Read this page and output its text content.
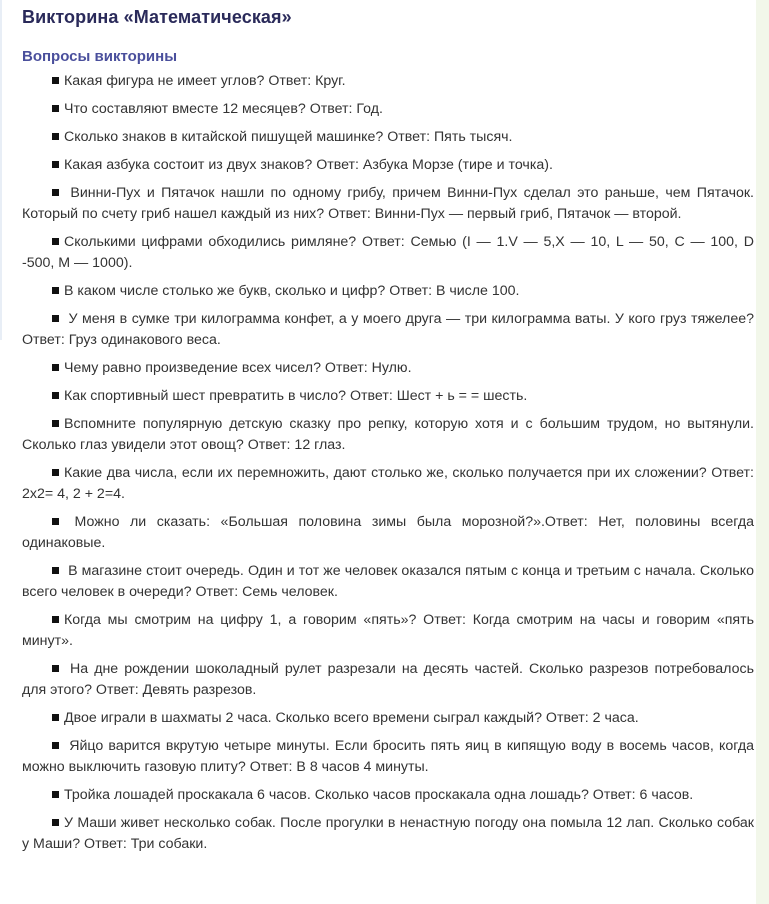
Викторина «Математическая»
Вопросы викторины
Какая фигура не имеет углов? Ответ: Круг.
Что составляют вместе 12 месяцев? Ответ: Год.
Сколько знаков в китайской пишущей машинке? Ответ: Пять тысяч.
Какая азбука состоит из двух знаков? Ответ: Азбука Морзе (тире и точка).
Винни-Пух и Пятачок нашли по одному грибу, причем Винни-Пух сделал это раньше, чем Пятачок. Который по счету гриб нашел каждый из них? Ответ: Винни-Пух — первый гриб, Пятачок — второй.
Сколькими цифрами обходились римляне? Ответ: Семью (I — 1.V — 5,X — 10, L — 50, C — 100, D -500, M — 1000).
В каком числе столько же букв, сколько и цифр? Ответ: В числе 100.
У меня в сумке три килограмма конфет, а у моего друга — три килограмма ваты. У кого груз тяжелее? Ответ: Груз одинакового веса.
Чему равно произведение всех чисел? Ответ: Нулю.
Как спортивный шест превратить в число? Ответ: Шест + ь = = шесть.
Вспомните популярную детскую сказку про репку, которую хотя и с большим трудом, но вытянули. Сколько глаз увидели этот овощ? Ответ: 12 глаз.
Какие два числа, если их перемножить, дают столько же, сколько получается при их сложении? Ответ: 2x2= 4, 2 + 2=4.
Можно ли сказать: «Большая половина зимы была морозной?».Ответ: Нет, половины всегда одинаковые.
В магазине стоит очередь. Один и тот же человек оказался пятым с конца и третьим с начала. Сколько всего человек в очереди? Ответ: Семь человек.
Когда мы смотрим на цифру 1, а говорим «пять»? Ответ: Когда смотрим на часы и говорим «пять минут».
На дне рождении шоколадный рулет разрезали на десять частей. Сколько разрезов потребовалось для этого? Ответ: Девять разрезов.
Двое играли в шахматы 2 часа. Сколько всего времени сыграл каждый? Ответ: 2 часа.
Яйцо варится вкрутую четыре минуты. Если бросить пять яиц в кипящую воду в восемь часов, когда можно выключить газовую плиту? Ответ: В 8 часов 4 минуты.
Тройка лошадей проскакала 6 часов. Сколько часов проскакала одна лошадь? Ответ: 6 часов.
У Маши живет несколько собак. После прогулки в ненастную погоду она помыла 12 лап. Сколько собак у Маши? Ответ: Три собаки.
